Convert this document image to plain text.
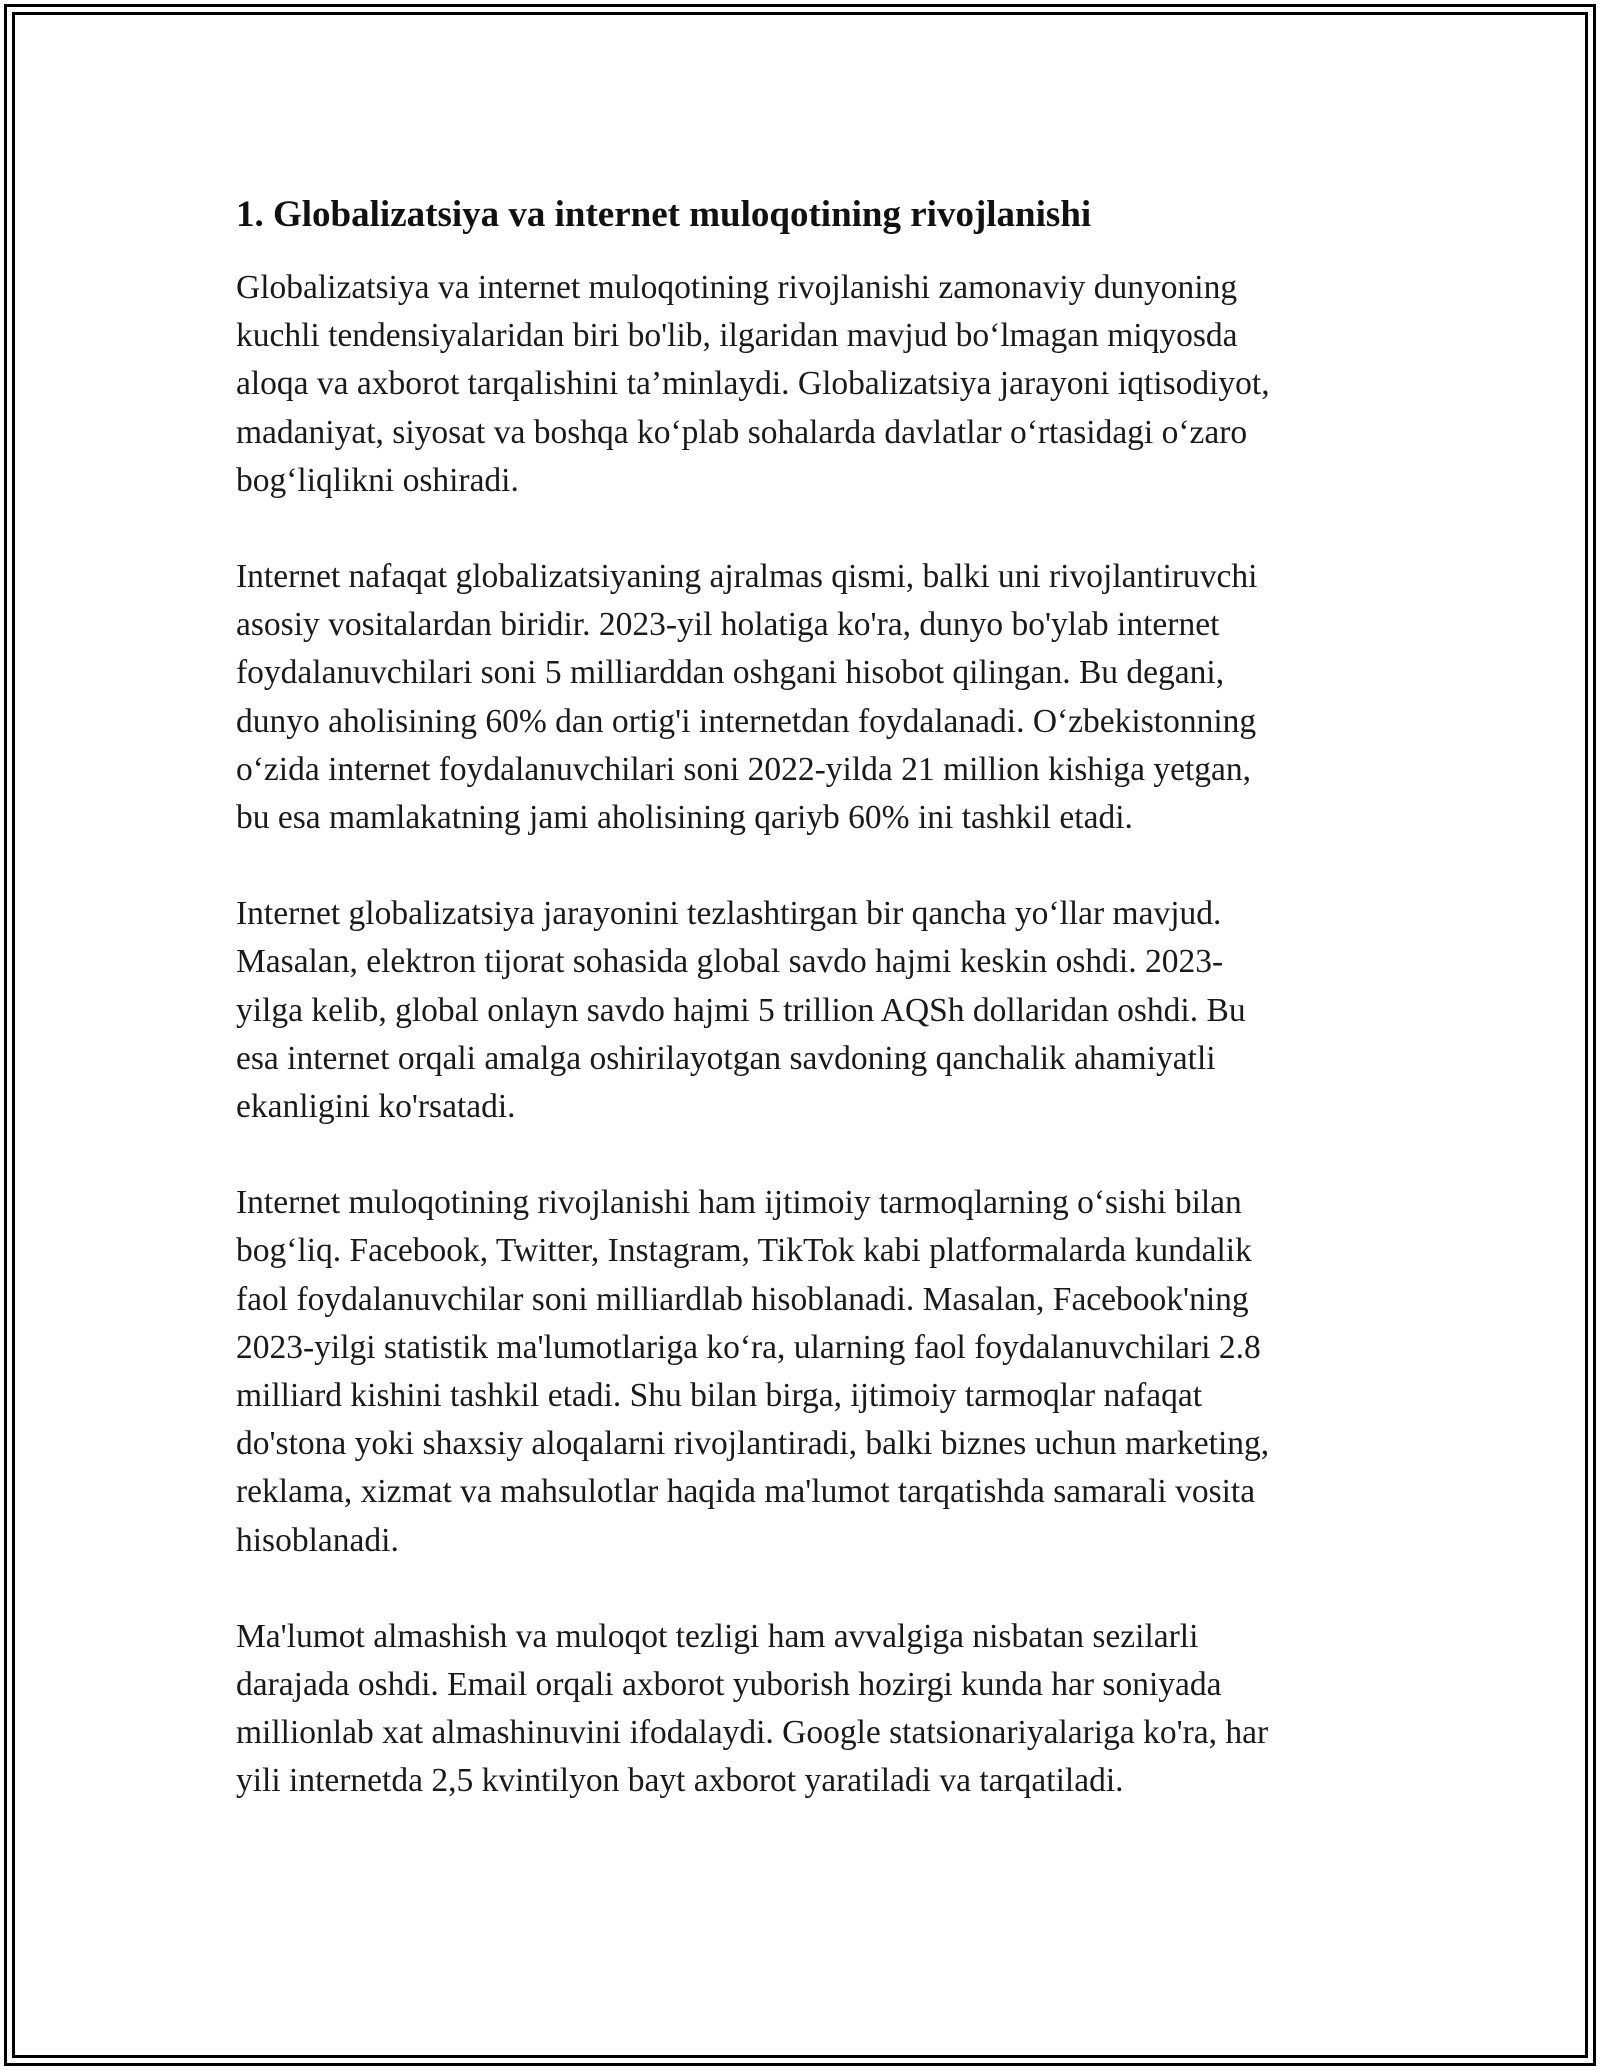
1. Globalizatsiya va internet muloqotining rivojlanishi

Globalizatsiya va internet muloqotining rivojlanishi zamonaviy dunyoning
kuchli tendensiyalaridan biri bo'lib, ilgaridan mavjud bo‘lmagan miqyosda
aloqa va axborot tarqalishini ta’minlaydi. Globalizatsiya jarayoni iqtisodiyot,
madaniyat, siyosat va boshqa ko‘plab sohalarda davlatlar o‘rtasidagi o‘zaro
bog‘liqlikni oshiradi.

Internet nafaqat globalizatsiyaning ajralmas qismi, balki uni rivojlantiruvchi
asosiy vositalardan biridir. 2023-yil holatiga ko'ra, dunyo bo'ylab internet
foydalanuvchilari soni 5 milliarddan oshgani hisobot qilingan. Bu degani,
dunyo aholisining 60% dan ortig'i internetdan foydalanadi. O‘zbekistonning
o‘zida internet foydalanuvchilari soni 2022-yilda 21 million kishiga yetgan,
bu esa mamlakatning jami aholisining qariyb 60% ini tashkil etadi.

Internet globalizatsiya jarayonini tezlashtirgan bir qancha yo‘llar mavjud.
Masalan, elektron tijorat sohasida global savdo hajmi keskin oshdi. 2023-
yilga kelib, global onlayn savdo hajmi 5 trillion AQSh dollaridan oshdi. Bu
esa internet orqali amalga oshirilayotgan savdoning qanchalik ahamiyatli
ekanligini ko'rsatadi.

Internet muloqotining rivojlanishi ham ijtimoiy tarmoqlarning o‘sishi bilan
bog‘liq. Facebook, Twitter, Instagram, TikTok kabi platformalarda kundalik
faol foydalanuvchilar soni milliardlab hisoblanadi. Masalan, Facebook'ning
2023-yilgi statistik ma'lumotlariga ko‘ra, ularning faol foydalanuvchilari 2.8
milliard kishini tashkil etadi. Shu bilan birga, ijtimoiy tarmoqlar nafaqat
do'stona yoki shaxsiy aloqalarni rivojlantiradi, balki biznes uchun marketing,
reklama, xizmat va mahsulotlar haqida ma'lumot tarqatishda samarali vosita
hisoblanadi.

Ma'lumot almashish va muloqot tezligi ham avvalgiga nisbatan sezilarli
darajada oshdi. Email orqali axborot yuborish hozirgi kunda har soniyada
millionlab xat almashinuvini ifodalaydi. Google statsionariyalariga ko'ra, har
yili internetda 2,5 kvintilyon bayt axborot yaratiladi va tarqatiladi.
